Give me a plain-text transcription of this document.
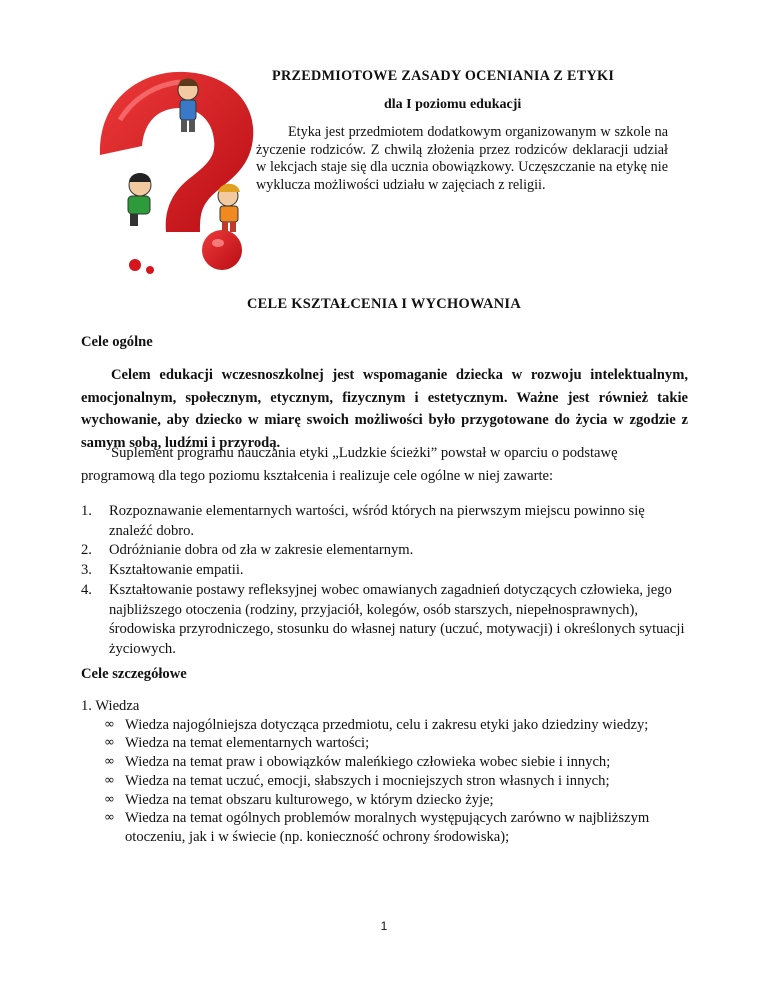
PRZEDMIOTOWE ZASADY OCENIANIA Z ETYKI
dla I poziomu edukacji

Etyka jest przedmiotem dodatkowym organizowanym w szkole na życzenie rodziców. Z chwilą złożenia przez rodziców deklaracji udział w lekcjach staje się dla ucznia obowiązkowy. Uczęszczanie na etykę nie wyklucza możliwości udziału w zajęciach z religii.

CELE KSZTAŁCENIA I WYCHOWANIA

Cele ogólne

Celem edukacji wczesnoszkolnej jest wspomaganie dziecka w rozwoju intelektualnym, emocjonalnym, społecznym, etycznym, fizycznym i estetycznym. Ważne jest również takie wychowanie, aby dziecko w miarę swoich możliwości było przygotowane do życia w zgodzie z samym sobą, ludźmi i przyrodą.

Suplement programu nauczania etyki „Ludzkie ścieżki” powstał w oparciu o podstawę programową dla tego poziomu kształcenia i realizuje cele ogólne w niej zawarte:

1. Rozpoznawanie elementarnych wartości, wśród których na pierwszym miejscu powinno się znaleźć dobro.
2. Odróżnianie dobra od zła w zakresie elementarnym.
3. Kształtowanie empatii.
4. Kształtowanie postawy refleksyjnej wobec omawianych zagadnień dotyczących człowieka, jego najbliższego otoczenia (rodziny, przyjaciół, kolegów, osób starszych, niepełnosprawnych), środowiska przyrodniczego, stosunku do własnej natury (uczuć, motywacji) i określonych sytuacji życiowych.

Cele szczegółowe

1. Wiedza
∞ Wiedza najogólniejsza dotycząca przedmiotu, celu i zakresu etyki jako dziedziny wiedzy;
∞ Wiedza na temat elementarnych wartości;
∞ Wiedza na temat praw i obowiązków maleńkiego człowieka wobec siebie i innych;
∞ Wiedza na temat uczuć, emocji, słabszych i mocniejszych stron własnych i innych;
∞ Wiedza na temat obszaru kulturowego, w którym dziecko żyje;
∞ Wiedza na temat ogólnych problemów moralnych występujących zarówno w najbliższym otoczeniu, jak i w świecie (np. konieczność ochrony środowiska);
1
